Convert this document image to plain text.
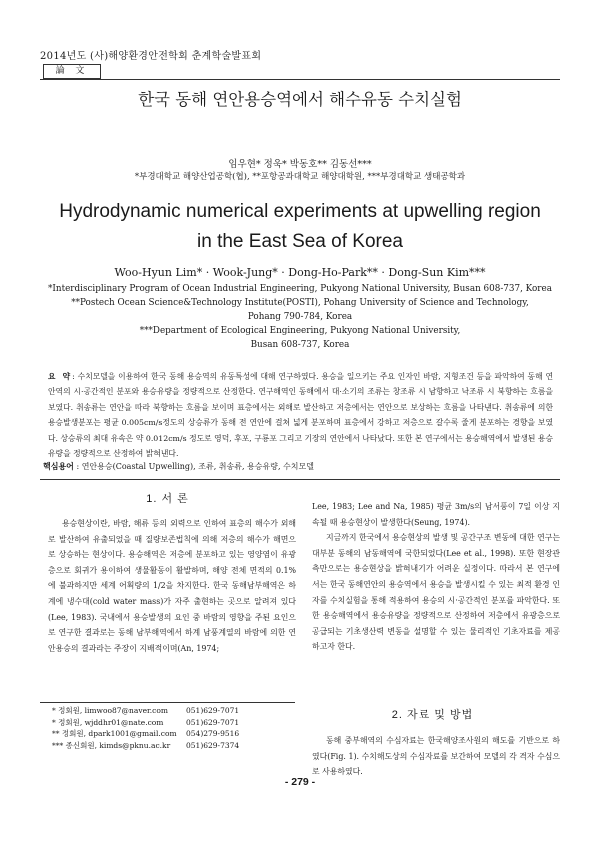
2014년도 (사)해양환경안전학회 춘계학술발표회
論 文
한국 동해 연안용승역에서 해수유동 수치실험
임우현* 정욱* 박동호** 김동선***
*부경대학교 해양산업공학(협), **포항공과대학교 해양대학원, ***부경대학교 생태공학과
Hydrodynamic numerical experiments at upwelling region
in the East Sea of Korea
Woo-Hyun Lim* · Wook-Jung* · Dong-Ho-Park** · Dong-Sun Kim***
*Interdisciplinary Program of Ocean Industrial Engineering, Pukyong National University, Busan 608-737, Korea
**Postech Ocean Science&Technology Institute(POSTI), Pohang University of Science and Technology,
Pohang 790-784, Korea
***Department of Ecological Engineering, Pukyong National University,
Busan 608-737, Korea
요 약: 수치모델을 이용하여 한국 동해 용승역의 유동특성에 대해 연구하였다. 용승을 일으키는 주요 인자인 바람, 지형조건 등을 파악하여 동해 연안역의 시·공간적인 분포와 용승유량을 정량적으로 산정한다. 연구해역인 동해에서 대·소기의 조류는 창조류 시 남향하고 낙조류 시 북향하는 흐름을 보였다. 취송류는 연안을 따라 북향하는 흐름을 보이며 표층에서는 외해로 발산하고 저층에서는 연안으로 보상하는 흐름을 나타낸다. 취송류에 의한 용승발생분포는 평균 0.005cm/s정도의 상승류가 동해 전 연안에 걸쳐 넓게 분포하며 표층에서 강하고 저층으로 갈수록 줄게 분포하는 경향을 보였다. 상승류의 최대 유속은 약 0.012cm/s 정도로 영덕, 후포, 구룡포 그리고 기장의 연안에서 나타났다. 또한 본 연구에서는 용승해역에서 발생된 용승유량을 정량적으로 산정하여 밝혀낸다.
핵심용어 : 연안용승(Coastal Upwelling), 조류, 취송류, 용승유량, 수치모델
1. 서 론

용승현상이란, 바람, 해류 등의 외력으로 인하여 표층의 해수가 외해로 발산하여 유출되었을 때 질량보존법칙에 의해 저층의 해수가 해면으로 상승하는 현상이다. 용승해역은 저층에 분포하고 있는 영양염이 유광층으로 회귀가 용이하여 생물활동이 활발하며, 해양 전체 면적의 0.1%에 불과하지만 세계 어획량의 1/2을 차지한다. 한국 동해남부해역은 하계에 냉수대(cold water mass)가 자주 출현하는 곳으로 알려져 있다(Lee, 1983). 국내에서 용승발생의 요인 중 바람의 영향을 주된 요인으로 연구한 결과로는 동해 남부해역에서 하계 남풍계열의 바람에 의한 연안용승의 결과라는 주장이 지배적이며(An, 1974;

Lee, 1983; Lee and Na, 1985) 평균 3m/s의 남서풍이 7일 이상 지속될 때 용승현상이 발생한다(Seung, 1974).

지금까지 한국에서 용승현상의 발생 및 공간구조 변동에 대한 연구는 대부분 동해의 남동해역에 국한되었다(Lee et al., 1998). 또한 현장관측만으로는 용승현상을 밝혀내기가 어려운 실정이다. 따라서 본 연구에서는 한국 동해연안의 용승역에서 용승을 발생시킬 수 있는 최적 환경 인자를 수치실험을 통해 적용하여 용승의 시·공간적인 분포를 파악한다. 또한 용승해역에서 용승유량을 정량적으로 산정하여 저층에서 유광층으로 공급되는 기초생산력 변동을 설명할 수 있는 물리적인 기초자료를 제공하고자 한다.

2. 자료 및 방법

동해 중부해역의 수심자료는 한국해양조사원의 해도를 기반으로 하였다(Fig. 1). 수치해도상의 수심자료를 보간하여 모델의 각 격자 수심으로 사용하였다.

* 정회원, limwoo87@naver.com	051)629-7071
* 정회원, wjddhr01@nate.com	051)629-7071
** 정회원, dpark1001@gmail.com	054)279-9516
*** 종신회원, kimds@pknu.ac.kr	051)629-7374
- 279 -
